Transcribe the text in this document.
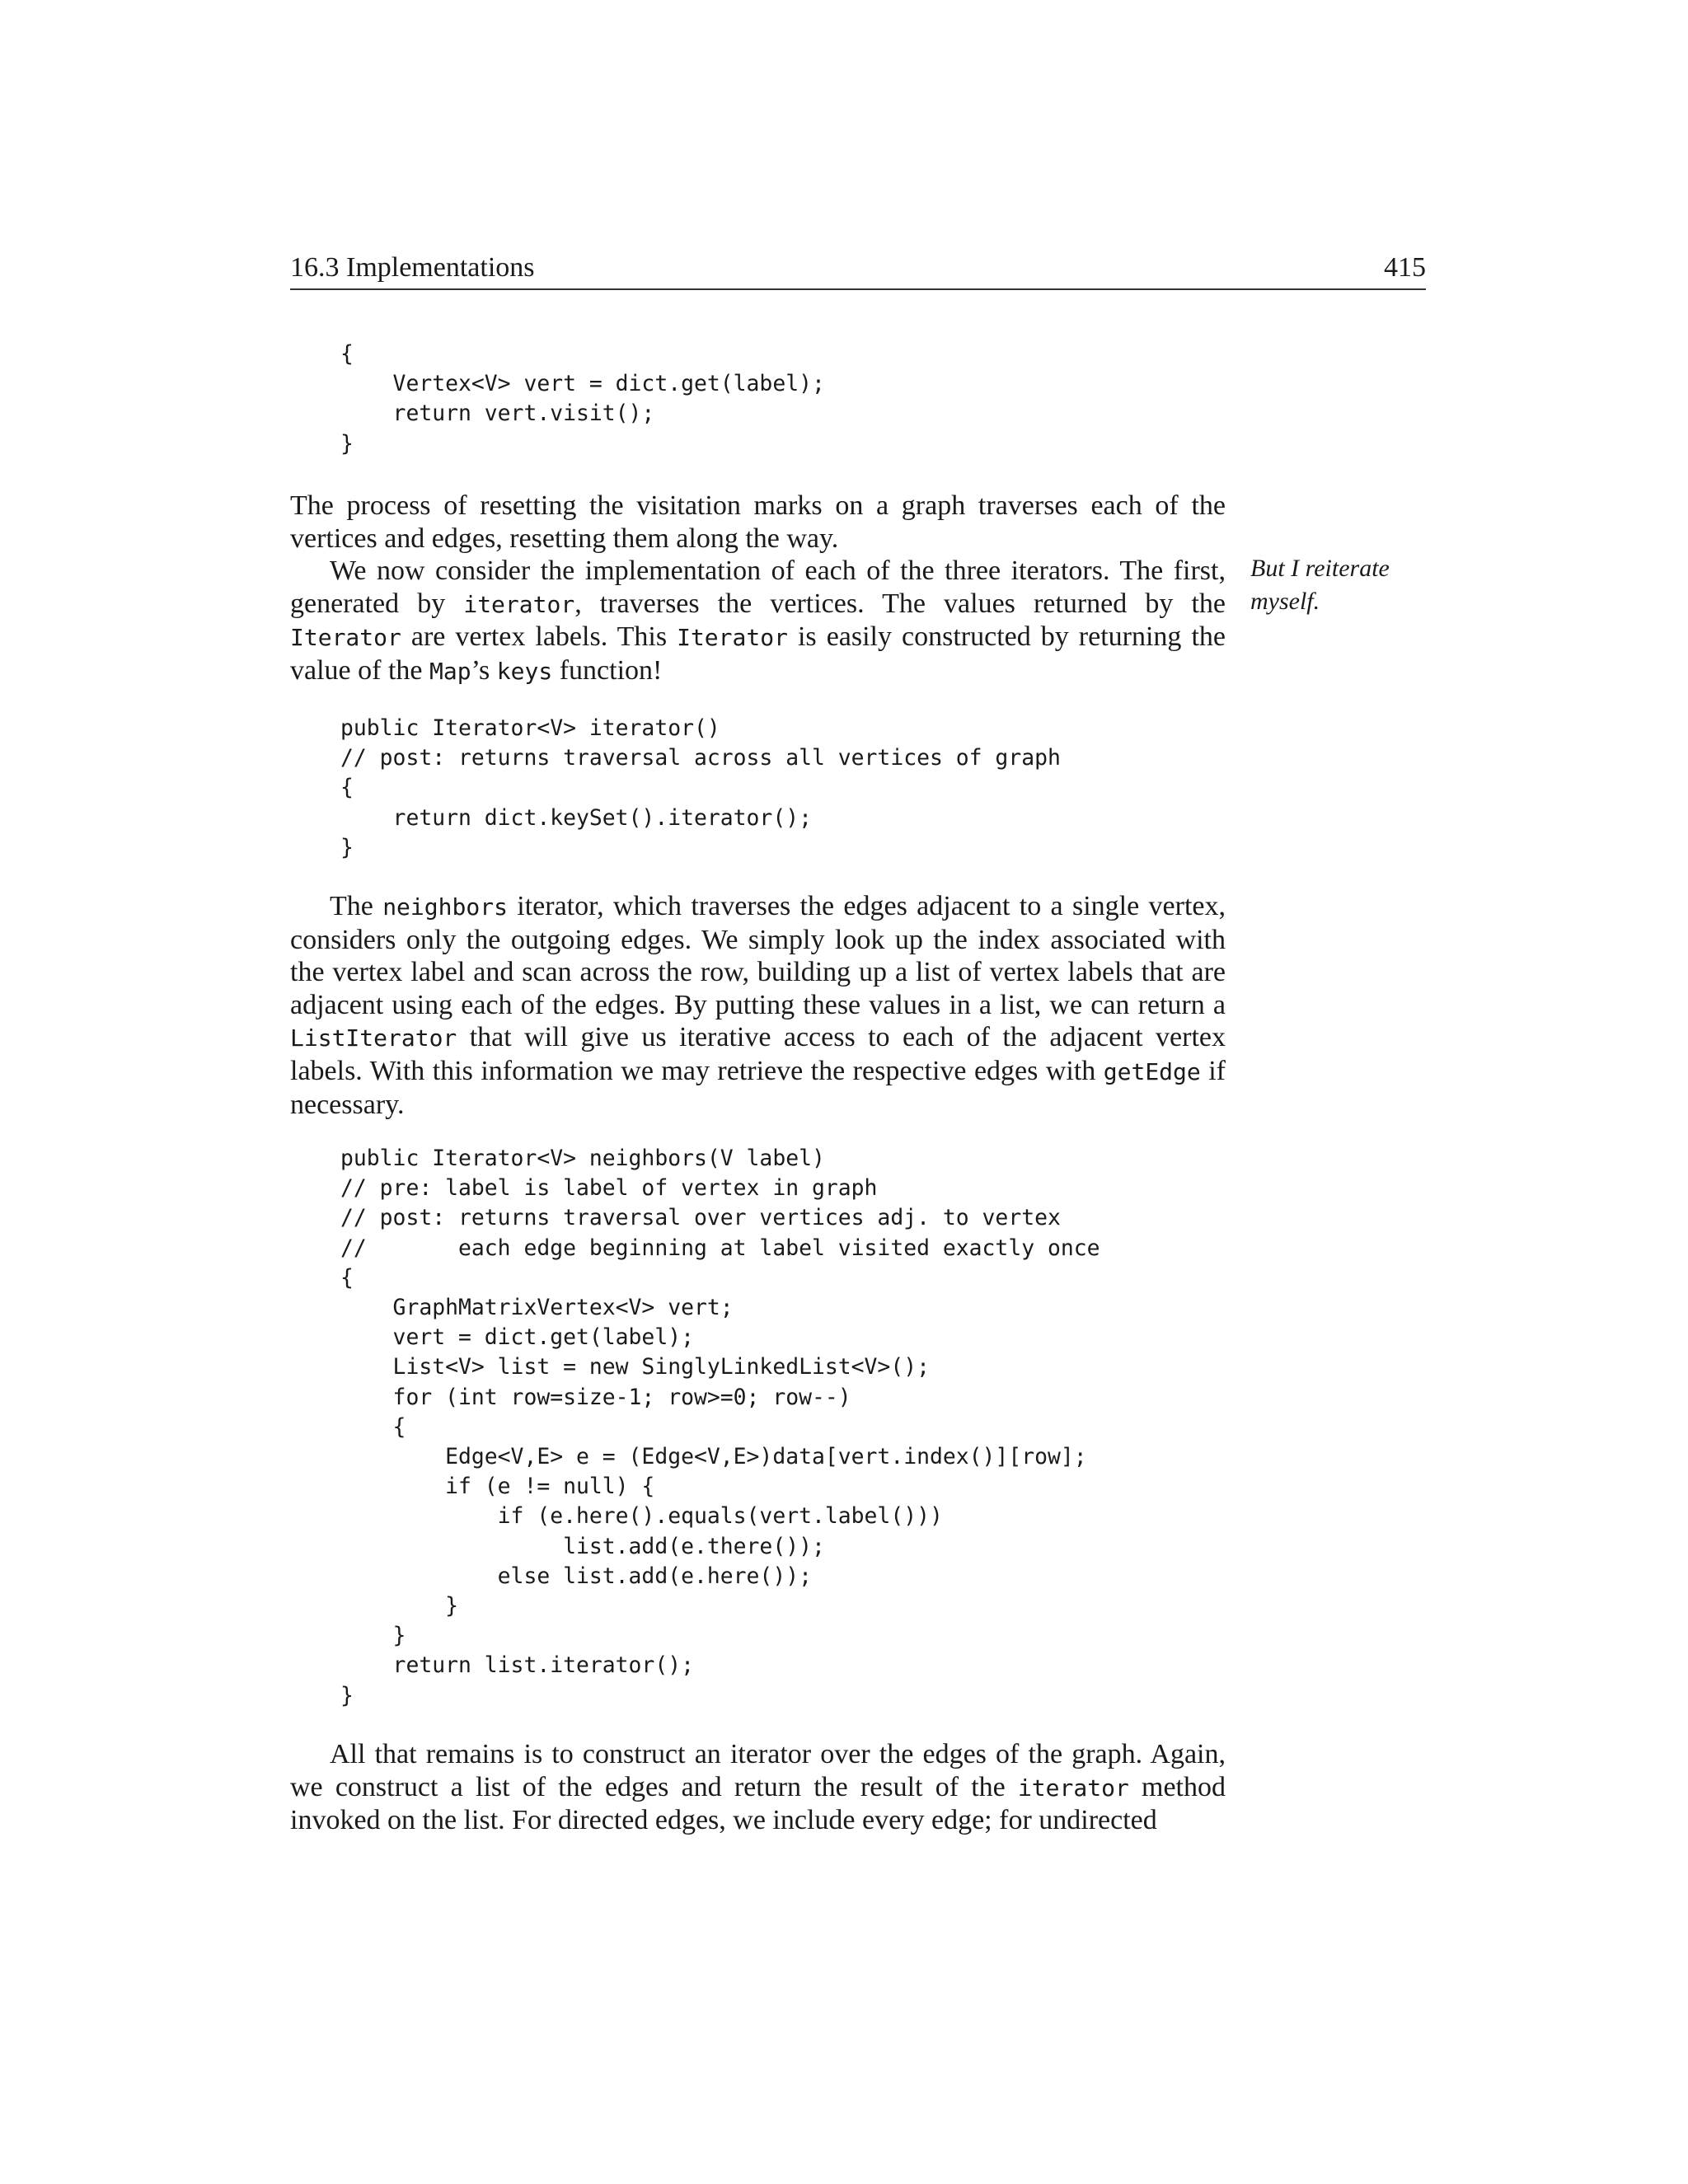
16.3 Implementations	415
{
Vertex<V> vert = dict.get(label);
return vert.visit();
}

The process of resetting the visitation marks on a graph traverses each of the vertices and edges, resetting them along the way.

We now consider the implementation of each of the three iterators. The first, generated by iterator, traverses the vertices. The values returned by the Iterator are vertex labels. This Iterator is easily constructed by returning the value of the Map’s keys function!

But I reiterate myself.
public Iterator<V> iterator()
// post: returns traversal across all vertices of graph
{
return dict.keySet().iterator();
}

The neighbors iterator, which traverses the edges adjacent to a single vertex, considers only the outgoing edges. We simply look up the index associated with the vertex label and scan across the row, building up a list of vertex labels that are adjacent using each of the edges. By putting these values in a list, we can return a ListIterator that will give us iterative access to each of the adjacent vertex labels. With this information we may retrieve the respective edges with getEdge if necessary.

public Iterator<V> neighbors(V label)
// pre: label is label of vertex in graph
// post: returns traversal over vertices adj. to vertex
//       each edge beginning at label visited exactly once
{
GraphMatrixVertex<V> vert;
vert = dict.get(label);
List<V> list = new SinglyLinkedList<V>();
for (int row=size-1; row>=0; row--)
{
Edge<V,E> e = (Edge<V,E>)data[vert.index()][row];
if (e != null) {
if (e.here().equals(vert.label()))
list.add(e.there());
else list.add(e.here());
}
}
return list.iterator();
}

All that remains is to construct an iterator over the edges of the graph. Again, we construct a list of the edges and return the result of the iterator method invoked on the list. For directed edges, we include every edge; for undirected
